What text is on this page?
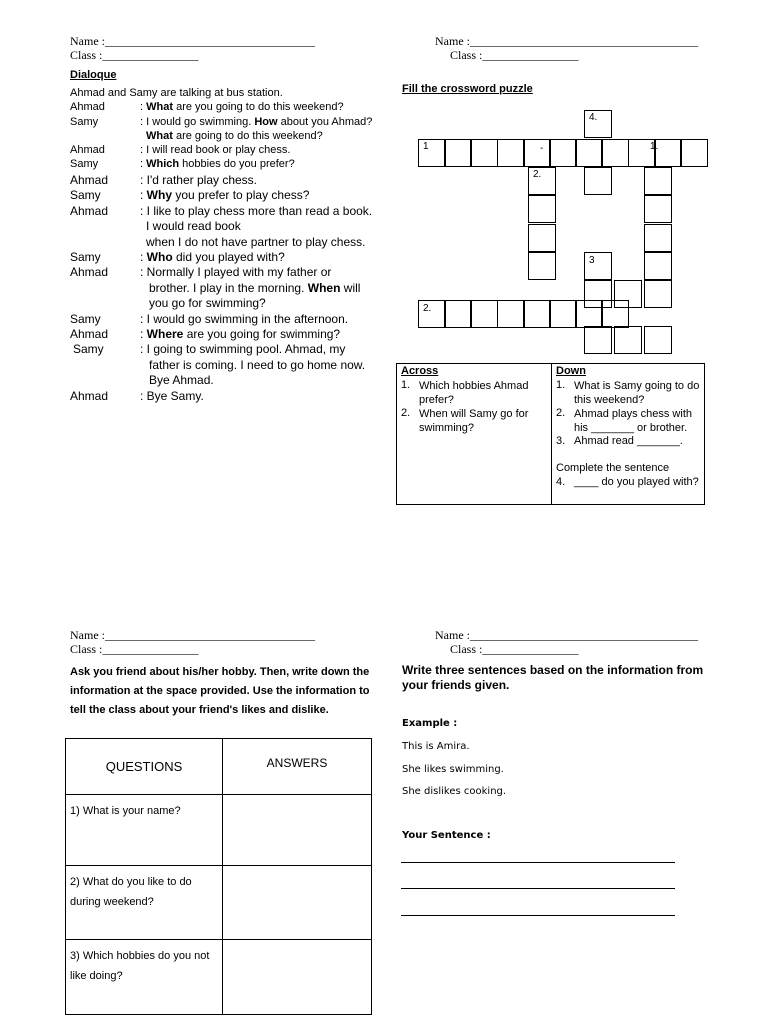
Name :___________________________________
Class :________________
Dialoque
Ahmad and Samy are talking at bus station.
Ahmad	: What are you going to do this weekend?
Samy	: I would go swimming. How about you Ahmad?
What are going to do this weekend?
Ahmad	: I will read book or play chess.
Samy	: Which hobbies do you prefer?
Ahmad	: I'd rather play chess.
Samy	: Why you prefer to play chess?
Ahmad	: I like to play chess more than read a book.
I would read book
when I do not have partner to play chess.
Samy	: Who did you played with?
Ahmad	: Normally I played with my father or
brother. I play in the morning. When will
you go for swimming?
Samy	: I would go swimming in the afternoon.
Ahmad	: Where are you going for swimming?
Samy	: I going to swimming pool. Ahmad, my
father is coming. I need to go home now.
Bye Ahmad.
Ahmad	: Bye Samy.
Name :______________________________________
Class :________________
Fill the crossword puzzle
4.
1	-	1.
2.
3
2.
Across
1. Which hobbies Ahmad prefer?
2. When will Samy go for swimming?
Down
1. What is Samy going to do this weekend?
2. Ahmad plays chess with his _______ or brother.
3. Ahmad read _______.
Complete the sentence
4. ____ do you played with?
Name :___________________________________
Class :________________
Ask you friend about his/her hobby. Then, write down the
information at the space provided. Use the information to
tell the class about your friend's likes and dislike.
QUESTIONS	ANSWERS
1) What is your name?	
2) What do you like to do during weekend?	
3) Which hobbies do you not like doing?	
Name :______________________________________
Class :________________
Write three sentences based on the information from
your friends given.
Example :
This is Amira.
She likes swimming.
She dislikes cooking.
Your Sentence :
